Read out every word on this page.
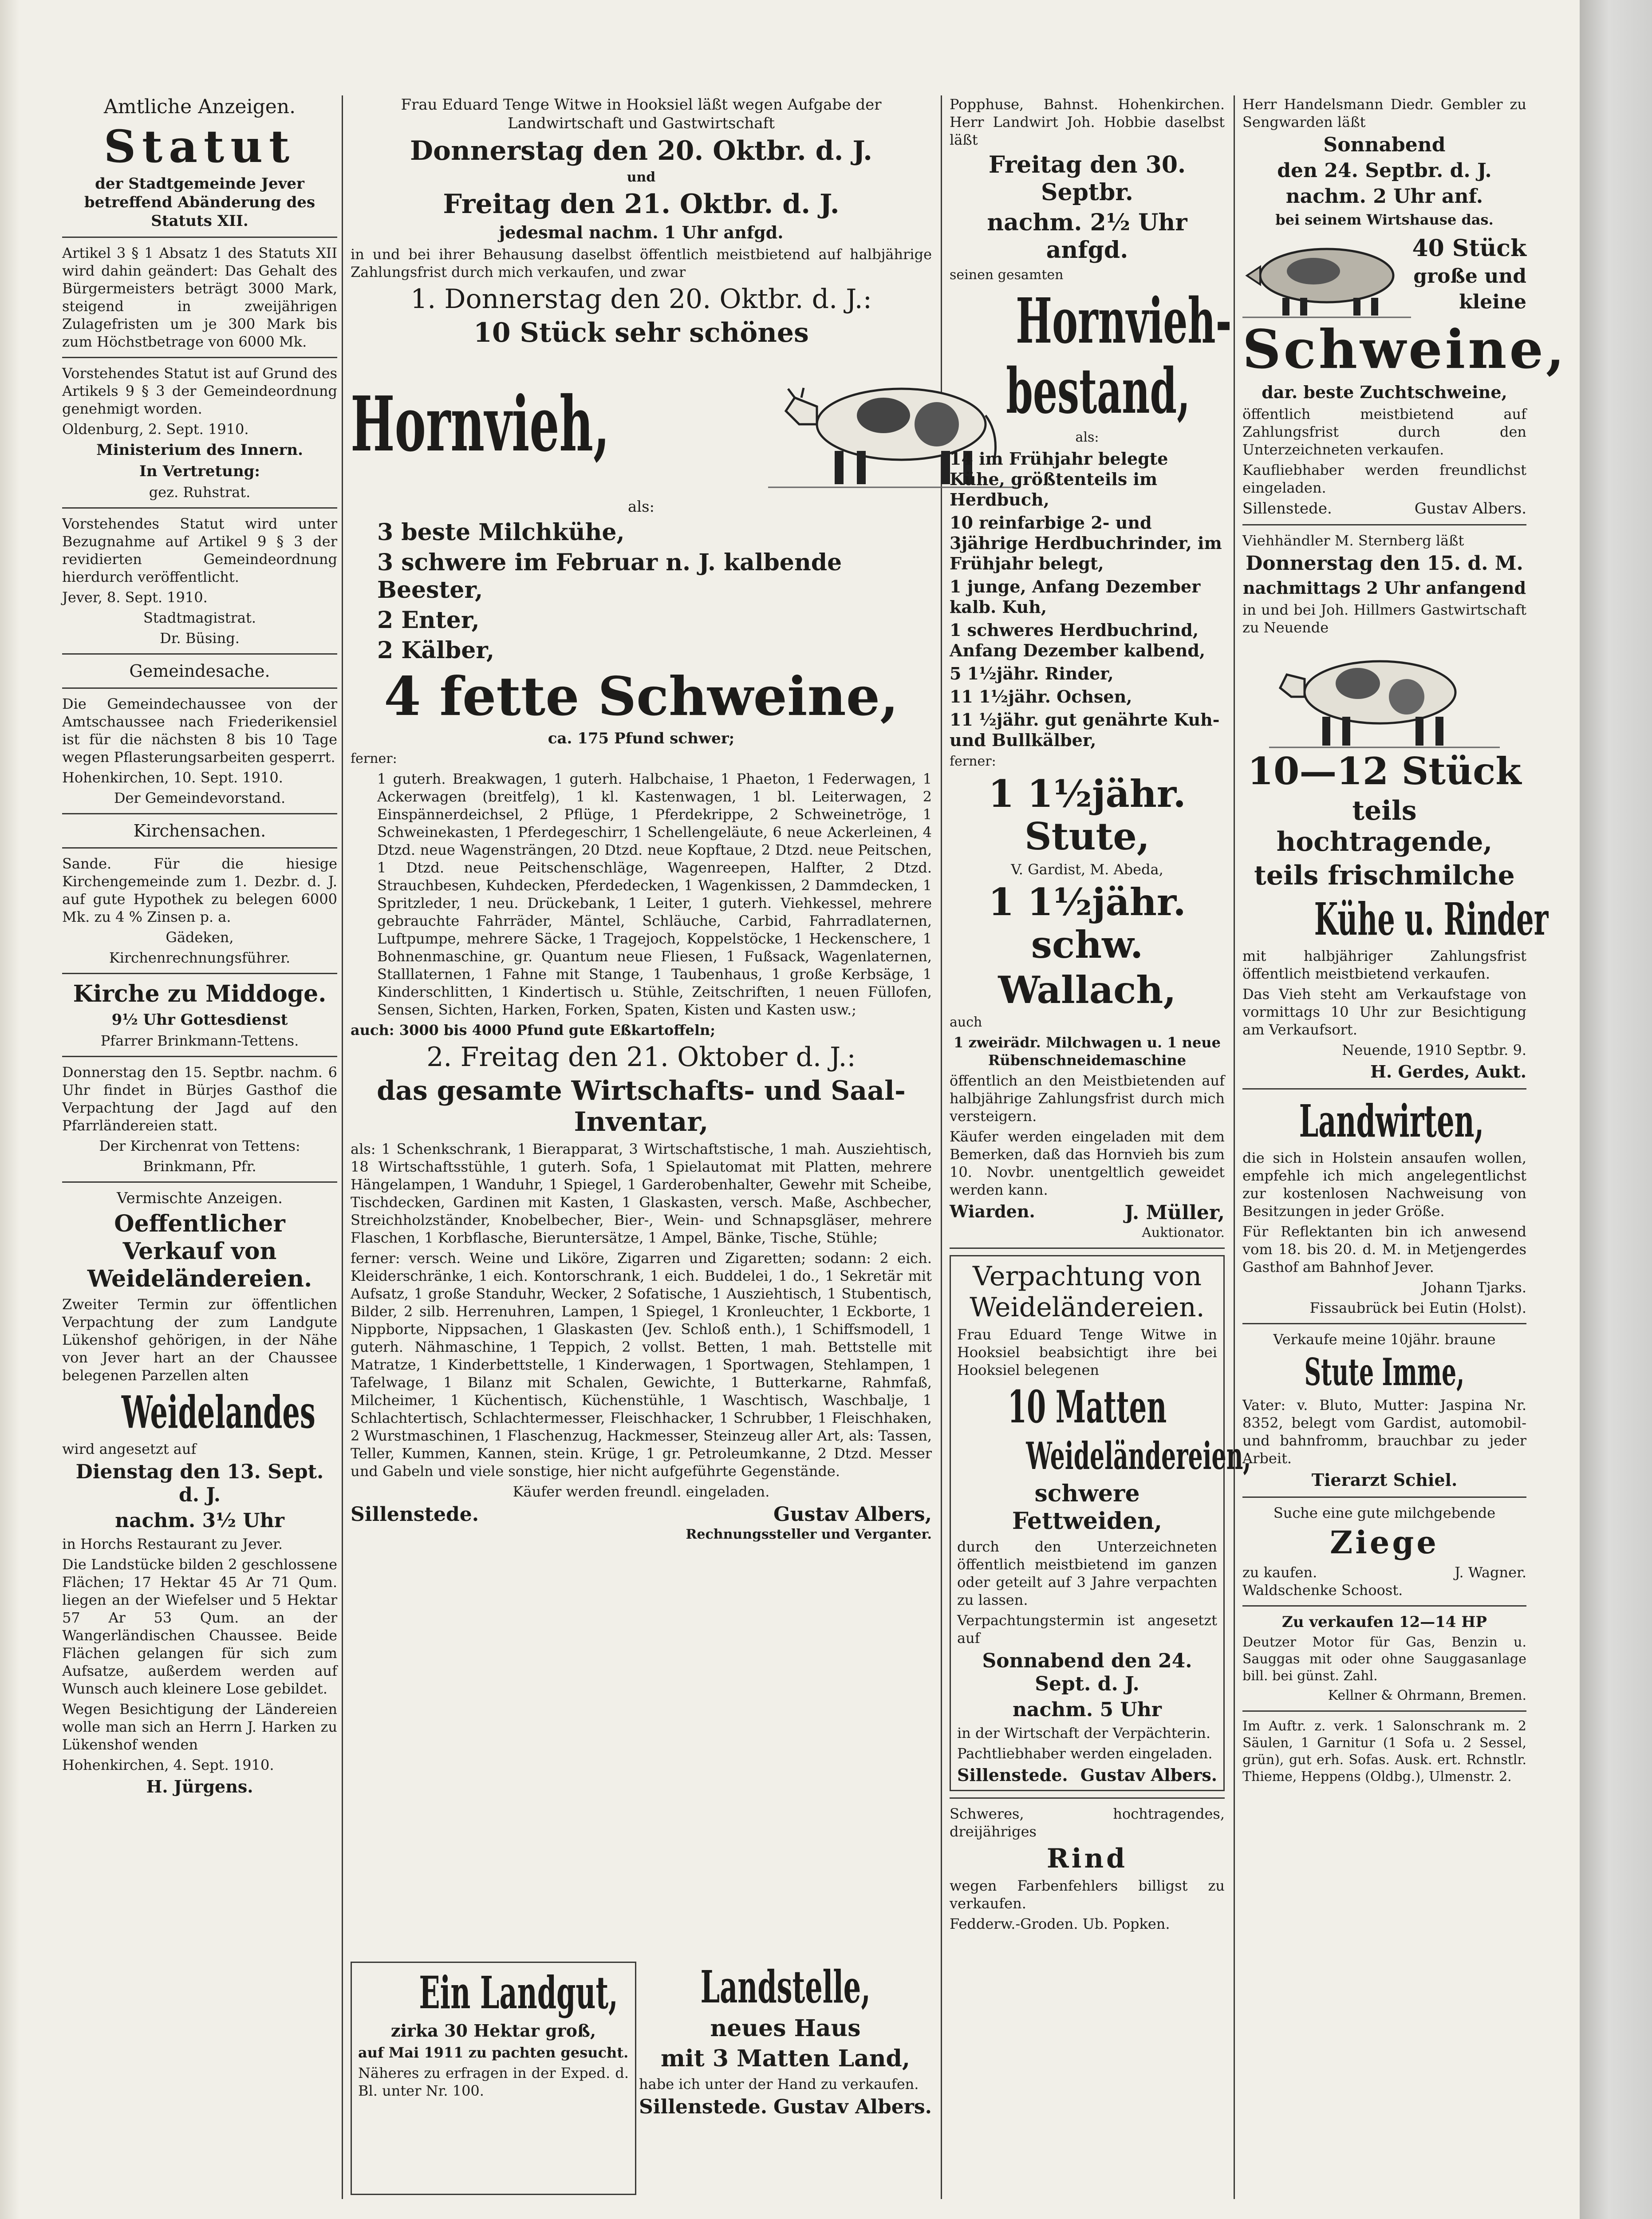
Amtliche Anzeigen.

Statut

der Stadtgemeinde Jever betreffend Abänderung des Statuts XII.

Artikel 3 § 1 Absatz 1 des Statuts XII wird dahin geändert: Das Gehalt des Bürgermeisters beträgt 3000 Mark, steigend in zweijährigen Zulagefristen um je 300 Mark bis zum Höchstbetrage von 6000 Mk.

Vorstehendes Statut ist auf Grund des Artikels 9 § 3 der Gemeindeordnung genehmigt worden.

Oldenburg, 2. Sept. 1910.

Ministerium des Innern.

In Vertretung:

gez. Ruhstrat.

Vorstehendes Statut wird unter Bezugnahme auf Artikel 9 § 3 der revidierten Gemeindeordnung hierdurch veröffentlicht.

Jever, 8. Sept. 1910.

Stadtmagistrat.

Dr. Büsing.

Gemeindesache.

Die Gemeindechaussee von der Amtschaussee nach Friederikensiel ist für die nächsten 8 bis 10 Tage wegen Pflasterungsarbeiten gesperrt.

Hohenkirchen, 10. Sept. 1910.

Der Gemeindevorstand.

Kirchensachen.

Sande. Für die hiesige Kirchengemeinde zum 1. Dezbr. d. J. auf gute Hypothek zu belegen 6000 Mk. zu 4 % Zinsen p. a.

Gädeken,

Kirchenrechnungsführer.

Kirche zu Middoge.

9½ Uhr Gottesdienst

Pfarrer Brinkmann-Tettens.

Donnerstag den 15. Septbr. nachm. 6 Uhr findet in Bürjes Gasthof die Verpachtung der Jagd auf den Pfarrländereien statt.

Der Kirchenrat von Tettens:

Brinkmann, Pfr.

Vermischte Anzeigen.

Oeffentlicher Verkauf von Weideländereien.

Zweiter Termin zur öffentlichen Verpachtung der zum Landgute Lükenshof gehörigen, in der Nähe von Jever hart an der Chaussee belegenen Parzellen alten

Weidelandes

wird angesetzt auf

Dienstag den 13. Sept. d. J.

nachm. 3½ Uhr

in Horchs Restaurant zu Jever.

Die Landstücke bilden 2 geschlossene Flächen; 17 Hektar 45 Ar 71 Qum. liegen an der Wiefelser und 5 Hektar 57 Ar 53 Qum. an der Wangerländischen Chaussee. Beide Flächen gelangen für sich zum Aufsatze, außerdem werden auf Wunsch auch kleinere Lose gebildet.

Wegen Besichtigung der Ländereien wolle man sich an Herrn J. Harken zu Lükenshof wenden

Hohenkirchen, 4. Sept. 1910.

H. Jürgens.

Frau Eduard Tenge Witwe in Hooksiel läßt wegen Aufgabe der Landwirtschaft und Gastwirtschaft

Donnerstag den 20. Oktbr. d. J.

und

Freitag den 21. Oktbr. d. J.

jedesmal nachm. 1 Uhr anfgd.

in und bei ihrer Behausung daselbst öffentlich meistbietend auf halbjährige Zahlungsfrist durch mich verkaufen, und zwar

1. Donnerstag den 20. Oktbr. d. J.:

10 Stück sehr schönes

Hornvieh,

als:

3 beste Milchkühe,

3 schwere im Februar n. J. kalbende Beester,

2 Enter,

2 Kälber,

4 fette Schweine,

ca. 175 Pfund schwer;

ferner:

1 guterh. Breakwagen, 1 guterh. Halbchaise, 1 Phaeton, 1 Federwagen, 1 Ackerwagen (breitfelg), 1 kl. Kastenwagen, 1 bl. Leiterwagen, 2 Einspännerdeichsel, 2 Pflüge, 1 Pferdekrippe, 2 Schweinetröge, 1 Schweinekasten, 1 Pferdegeschirr, 1 Schellengeläute, 6 neue Ackerleinen, 4 Dtzd. neue Wagensträngen, 20 Dtzd. neue Kopftaue, 2 Dtzd. neue Peitschen, 1 Dtzd. neue Peitschenschläge, Wagenreepen, Halfter, 2 Dtzd. Strauchbesen, Kuhdecken, Pferdedecken, 1 Wagenkissen, 2 Dammdecken, 1 Spritzleder, 1 neu. Drückebank, 1 Leiter, 1 guterh. Viehkessel, mehrere gebrauchte Fahrräder, Mäntel, Schläuche, Carbid, Fahrradlaternen, Luftpumpe, mehrere Säcke, 1 Tragejoch, Koppelstöcke, 1 Heckenschere, 1 Bohnenmaschine, gr. Quantum neue Fliesen, 1 Fußsack, Wagenlaternen, Stalllaternen, 1 Fahne mit Stange, 1 Taubenhaus, 1 große Kerbsäge, 1 Kinderschlitten, 1 Kindertisch u. Stühle, Zeitschriften, 1 neuen Füllofen, Sensen, Sichten, Harken, Forken, Spaten, Kisten und Kasten usw.;

auch: 3000 bis 4000 Pfund gute Eßkartoffeln;

2. Freitag den 21. Oktober d. J.:

das gesamte Wirtschafts- und Saal-Inventar,

als: 1 Schenkschrank, 1 Bierapparat, 3 Wirtschaftstische, 1 mah. Ausziehtisch, 18 Wirtschaftsstühle, 1 guterh. Sofa, 1 Spielautomat mit Platten, mehrere Hängelampen, 1 Wanduhr, 1 Spiegel, 1 Garderobenhalter, Gewehr mit Scheibe, Tischdecken, Gardinen mit Kasten, 1 Glaskasten, versch. Maße, Aschbecher, Streichholzständer, Knobelbecher, Bier-, Wein- und Schnapsgläser, mehrere Flaschen, 1 Korbflasche, Bieruntersätze, 1 Ampel, Bänke, Tische, Stühle;

ferner: versch. Weine und Liköre, Zigarren und Zigaretten; sodann: 2 eich. Kleiderschränke, 1 eich. Kontorschrank, 1 eich. Buddelei, 1 do., 1 Sekretär mit Aufsatz, 1 große Standuhr, Wecker, 2 Sofatische, 1 Ausziehtisch, 1 Stubentisch, Bilder, 2 silb. Herrenuhren, Lampen, 1 Spiegel, 1 Kronleuchter, 1 Eckborte, 1 Nippborte, Nippsachen, 1 Glaskasten (Jev. Schloß enth.), 1 Schiffsmodell, 1 guterh. Nähmaschine, 1 Teppich, 2 vollst. Betten, 1 mah. Bettstelle mit Matratze, 1 Kinderbettstelle, 1 Kinderwagen, 1 Sportwagen, Stehlampen, 1 Tafelwage, 1 Bilanz mit Schalen, Gewichte, 1 Butterkarne, Rahmfaß, Milcheimer, 1 Küchentisch, Küchenstühle, 1 Waschtisch, Waschbalje, 1 Schlachtertisch, Schlachtermesser, Fleischhacker, 1 Schrubber, 1 Fleischhaken, 2 Wurstmaschinen, 1 Flaschenzug, Hackmesser, Steinzeug aller Art, als: Tassen, Teller, Kummen, Kannen, stein. Krüge, 1 gr. Petroleumkanne, 2 Dtzd. Messer und Gabeln und viele sonstige, hier nicht aufgeführte Gegenstände.

Käufer werden freundl. eingeladen.

Sillenstede.	Gustav Albers,

Rechnungssteller und Verganter.

Ein Landgut,

zirka 30 Hektar groß,

auf Mai 1911 zu pachten gesucht.

Näheres zu erfragen in der Exped. d. Bl. unter Nr. 100.

Landstelle,

neues Haus

mit 3 Matten Land,

habe ich unter der Hand zu verkaufen.

Sillenstede. Gustav Albers.

Popphuse, Bahnst. Hohenkirchen. Herr Landwirt Joh. Hobbie daselbst läßt

Freitag den 30. Septbr.

nachm. 2½ Uhr anfgd.

seinen gesamten

Hornvieh-

bestand,

als:

14 im Frühjahr belegte Kühe, größtenteils im Herdbuch,

10 reinfarbige 2- und 3jährige Herdbuchrinder, im Frühjahr belegt,

1 junge, Anfang Dezember kalb. Kuh,

1 schweres Herdbuchrind, Anfang Dezember kalbend,

5 1½jähr. Rinder,

11 1½jähr. Ochsen,

11 ½jähr. gut genährte Kuh- und Bullkälber,

ferner:

1 1½jähr. Stute,

V. Gardist, M. Abeda,

1 1½jähr. schw.

Wallach,

auch

1 zweirädr. Milchwagen u. 1 neue Rübenschneidemaschine

öffentlich an den Meistbietenden auf halbjährige Zahlungsfrist durch mich versteigern.

Käufer werden eingeladen mit dem Bemerken, daß das Hornvieh bis zum 10. Novbr. unentgeltlich geweidet werden kann.

Wiarden.	J. Müller,

Auktionator.

Verpachtung von Weideländereien.

Frau Eduard Tenge Witwe in Hooksiel beabsichtigt ihre bei Hooksiel belegenen

10 Matten

Weideländereien,

schwere Fettweiden,

durch den Unterzeichneten öffentlich meistbietend im ganzen oder geteilt auf 3 Jahre verpachten zu lassen.

Verpachtungstermin ist angesetzt auf

Sonnabend den 24. Sept. d. J.

nachm. 5 Uhr

in der Wirtschaft der Verpächterin.

Pachtliebhaber werden eingeladen.

Sillenstede. Gustav Albers.

Schweres, hochtragendes, dreijähriges

Rind

wegen Farbenfehlers billigst zu verkaufen.

Fedderw.-Groden. Ub. Popken.

Herr Handelsmann Diedr. Gembler zu Sengwarden läßt

Sonnabend

den 24. Septbr. d. J.

nachm. 2 Uhr anf.

bei seinem Wirtshause das.

40 Stück

große und

kleine

Schweine,

dar. beste Zuchtschweine,

öffentlich meistbietend auf Zahlungsfrist durch den Unterzeichneten verkaufen.

Kaufliebhaber werden freundlichst eingeladen.

Sillenstede.	Gustav Albers.

Viehhändler M. Sternberg läßt

Donnerstag den 15. d. M.

nachmittags 2 Uhr anfangend

in und bei Joh. Hillmers Gastwirtschaft zu Neuende

10—12 Stück

teils hochtragende,

teils frischmilche

Kühe u. Rinder

mit halbjähriger Zahlungsfrist öffentlich meistbietend verkaufen.

Das Vieh steht am Verkaufstage von vormittags 10 Uhr zur Besichtigung am Verkaufsort.

Neuende, 1910 Septbr. 9.

H. Gerdes, Aukt.

Landwirten,

die sich in Holstein ansaufen wollen, empfehle ich mich angelegentlichst zur kostenlosen Nachweisung von Besitzungen in jeder Größe.

Für Reflektanten bin ich anwesend vom 18. bis 20. d. M. in Metjengerdes Gasthof am Bahnhof Jever.

Johann Tjarks.

Fissaubrück bei Eutin (Holst).

Verkaufe meine 10jähr. braune

Stute Imme,

Vater: v. Bluto, Mutter: Jaspina Nr. 8352, belegt vom Gardist, automobil- und bahnfromm, brauchbar zu jeder Arbeit.

Tierarzt Schiel.

Suche eine gute milchgebende

Ziege

zu kaufen.	J. Wagner.

Waldschenke Schoost.

Zu verkaufen 12—14 HP

Deutzer Motor für Gas, Benzin u. Sauggas mit oder ohne Sauggasanlage bill. bei günst. Zahl.

Kellner & Ohrmann, Bremen.

Im Auftr. z. verk. 1 Salonschrank m. 2 Säulen, 1 Garnitur (1 Sofa u. 2 Sessel, grün), gut erh. Sofas. Ausk. ert. Rchnstlr. Thieme, Heppens (Oldbg.), Ulmenstr. 2.
